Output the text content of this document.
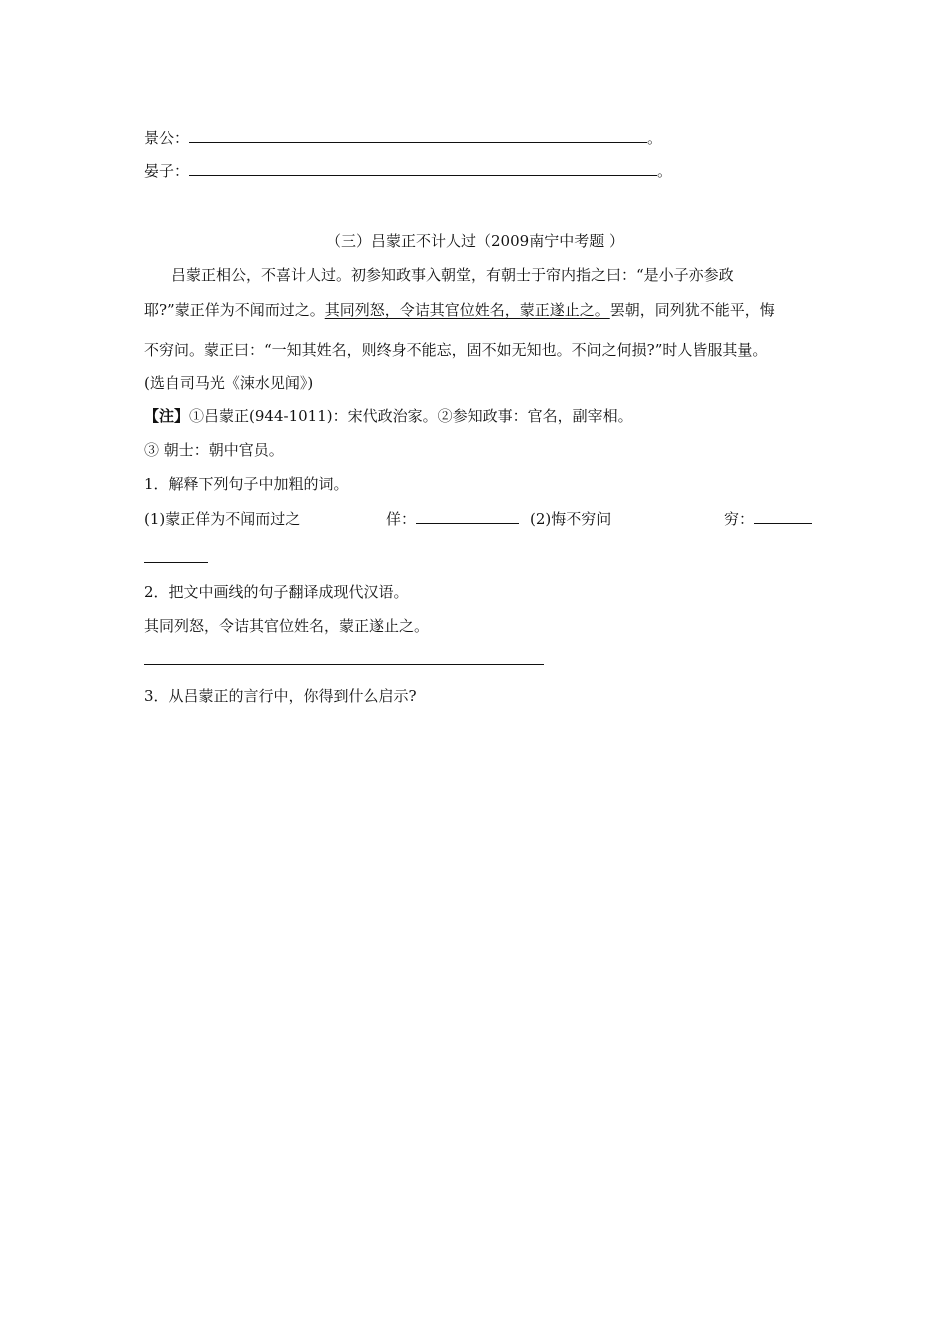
景公：	。
晏子：	。
（三）吕蒙正不计人过（2009南宁中考题 ）
吕蒙正相公，不喜计人过。初参知政事入朝堂，有朝士于帘内指之曰：“是小子亦参政
耶?”蒙正佯为不闻而过之。其同列怒，令诘其官位姓名，蒙正遂止之。罢朝，同列犹不能平，悔
不穷问。蒙正曰：“一知其姓名，则终身不能忘，固不如无知也。不问之何损?”时人皆服其量。
(选自司马光《涑水见闻》)
【注】①吕蒙正(944-1011)：宋代政治家。②参知政事：官名，副宰相。
③ 朝士：朝中官员。
1．解释下列句子中加粗的词。
(1)蒙正佯为不闻而过之	佯：	(2)悔不穷问	穷：
2．把文中画线的句子翻译成现代汉语。
其同列怒，令诘其官位姓名，蒙正遂止之。
3．从吕蒙正的言行中，你得到什么启示?
